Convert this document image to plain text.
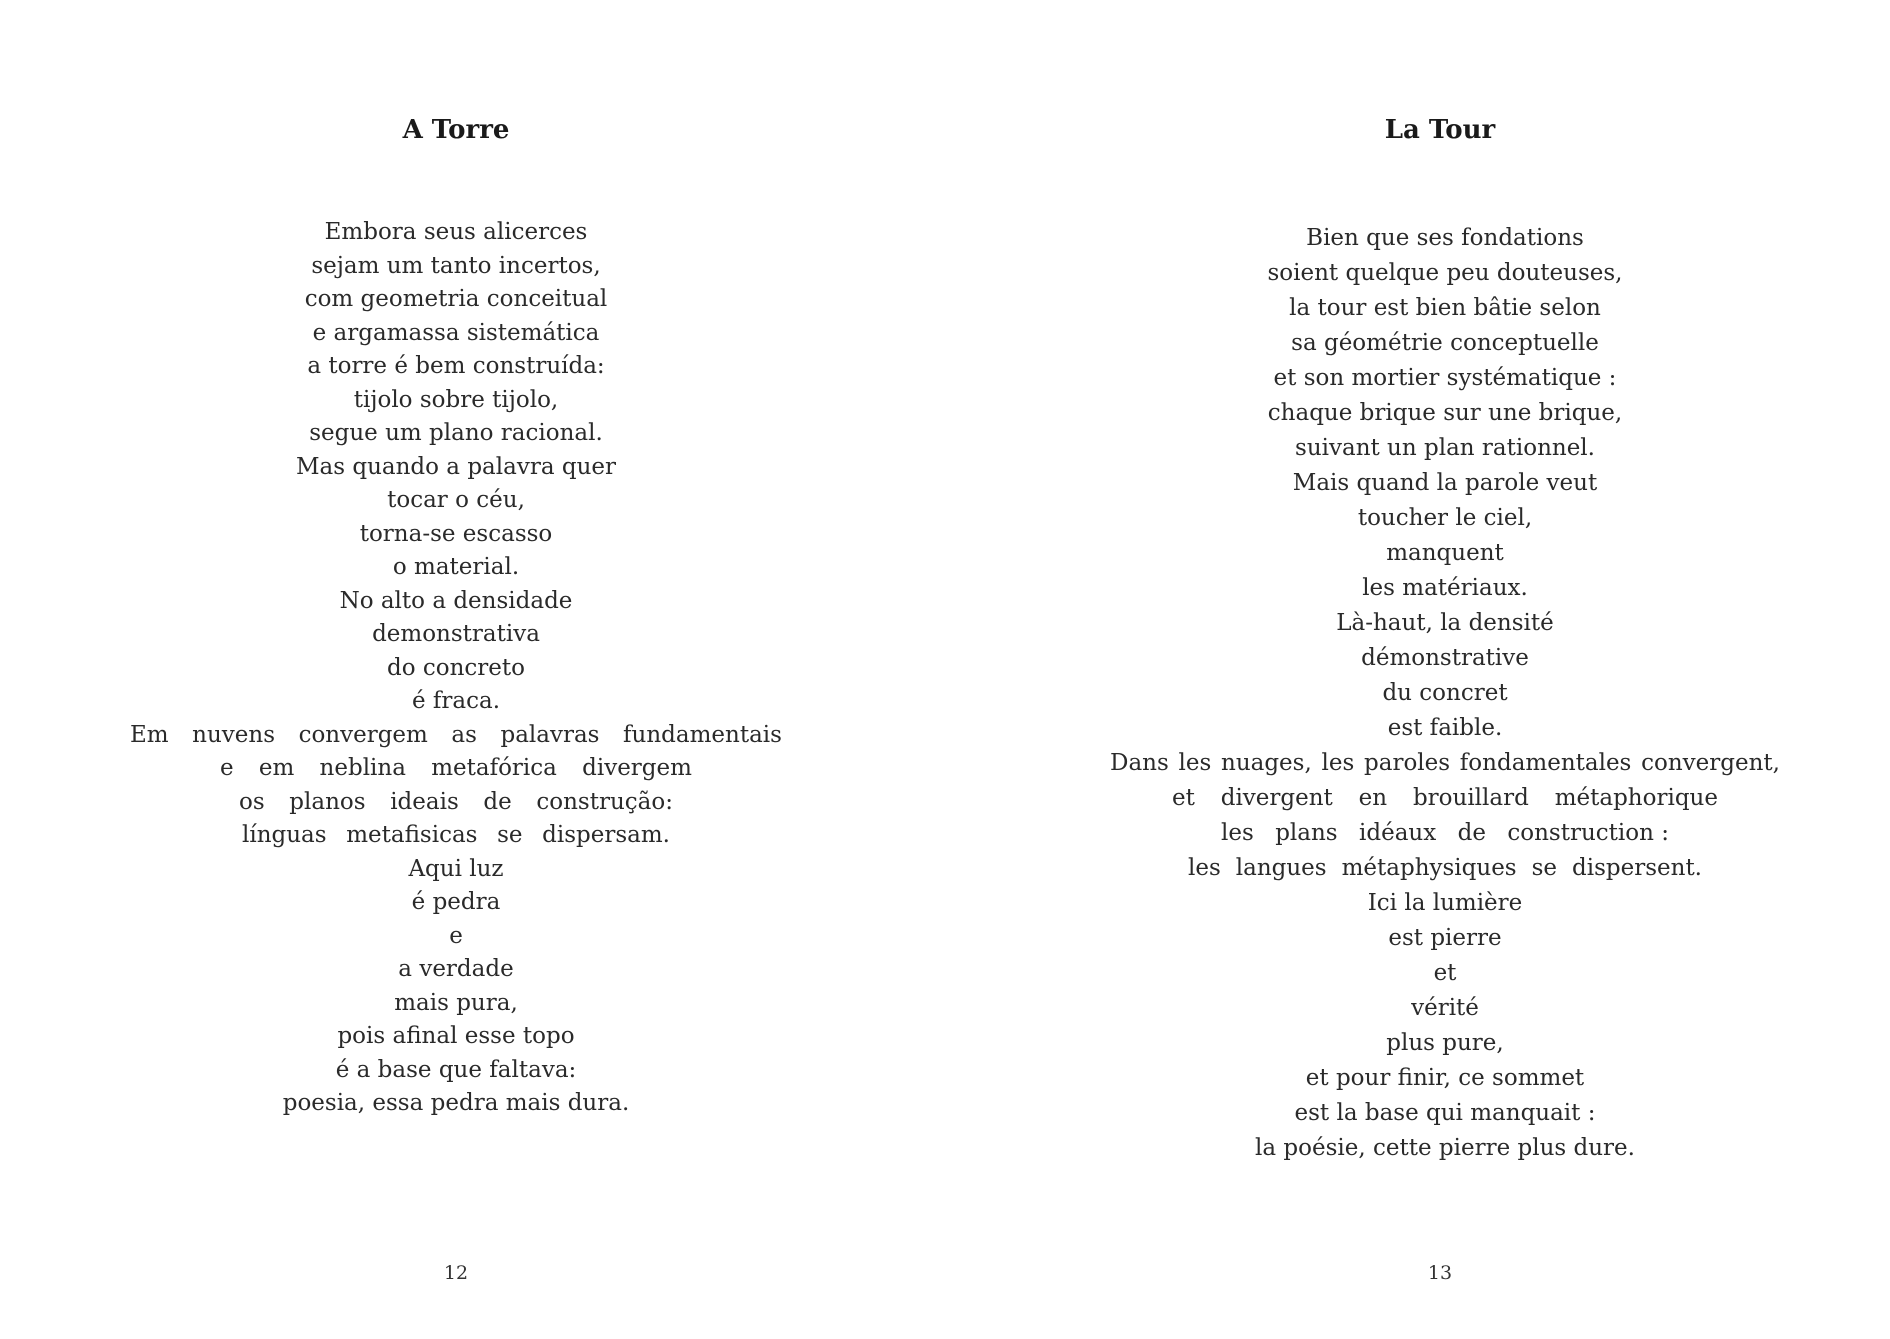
A Torre
Embora seus alicerces
sejam um tanto incertos,
com geometria conceitual
e argamassa sistemática
a torre é bem construída:
tijolo sobre tijolo,
segue um plano racional.
Mas quando a palavra quer
tocar o céu,
torna-se escasso
o material.
No alto a densidade
demonstrativa
do concreto
é fraca.
Em nuvens convergem as palavras fundamentais
e em neblina metafórica divergem
os planos ideais de construção:
línguas metafisicas se dispersam.
Aqui luz
é pedra
e
a verdade
mais pura,
pois afinal esse topo
é a base que faltava:
poesia, essa pedra mais dura.
12
La Tour
Bien que ses fondations
soient quelque peu douteuses,
la tour est bien bâtie selon
sa géométrie conceptuelle
et son mortier systématique :
chaque brique sur une brique,
suivant un plan rationnel.
Mais quand la parole veut
toucher le ciel,
manquent
les matériaux.
Là-haut, la densité
démonstrative
du concret
est faible.
Dans les nuages, les paroles fondamentales convergent,
et divergent en brouillard métaphorique
les plans idéaux de construction :
les langues métaphysiques se dispersent.
Ici la lumière
est pierre
et
vérité
plus pure,
et pour finir, ce sommet
est la base qui manquait :
la poésie, cette pierre plus dure.
13
